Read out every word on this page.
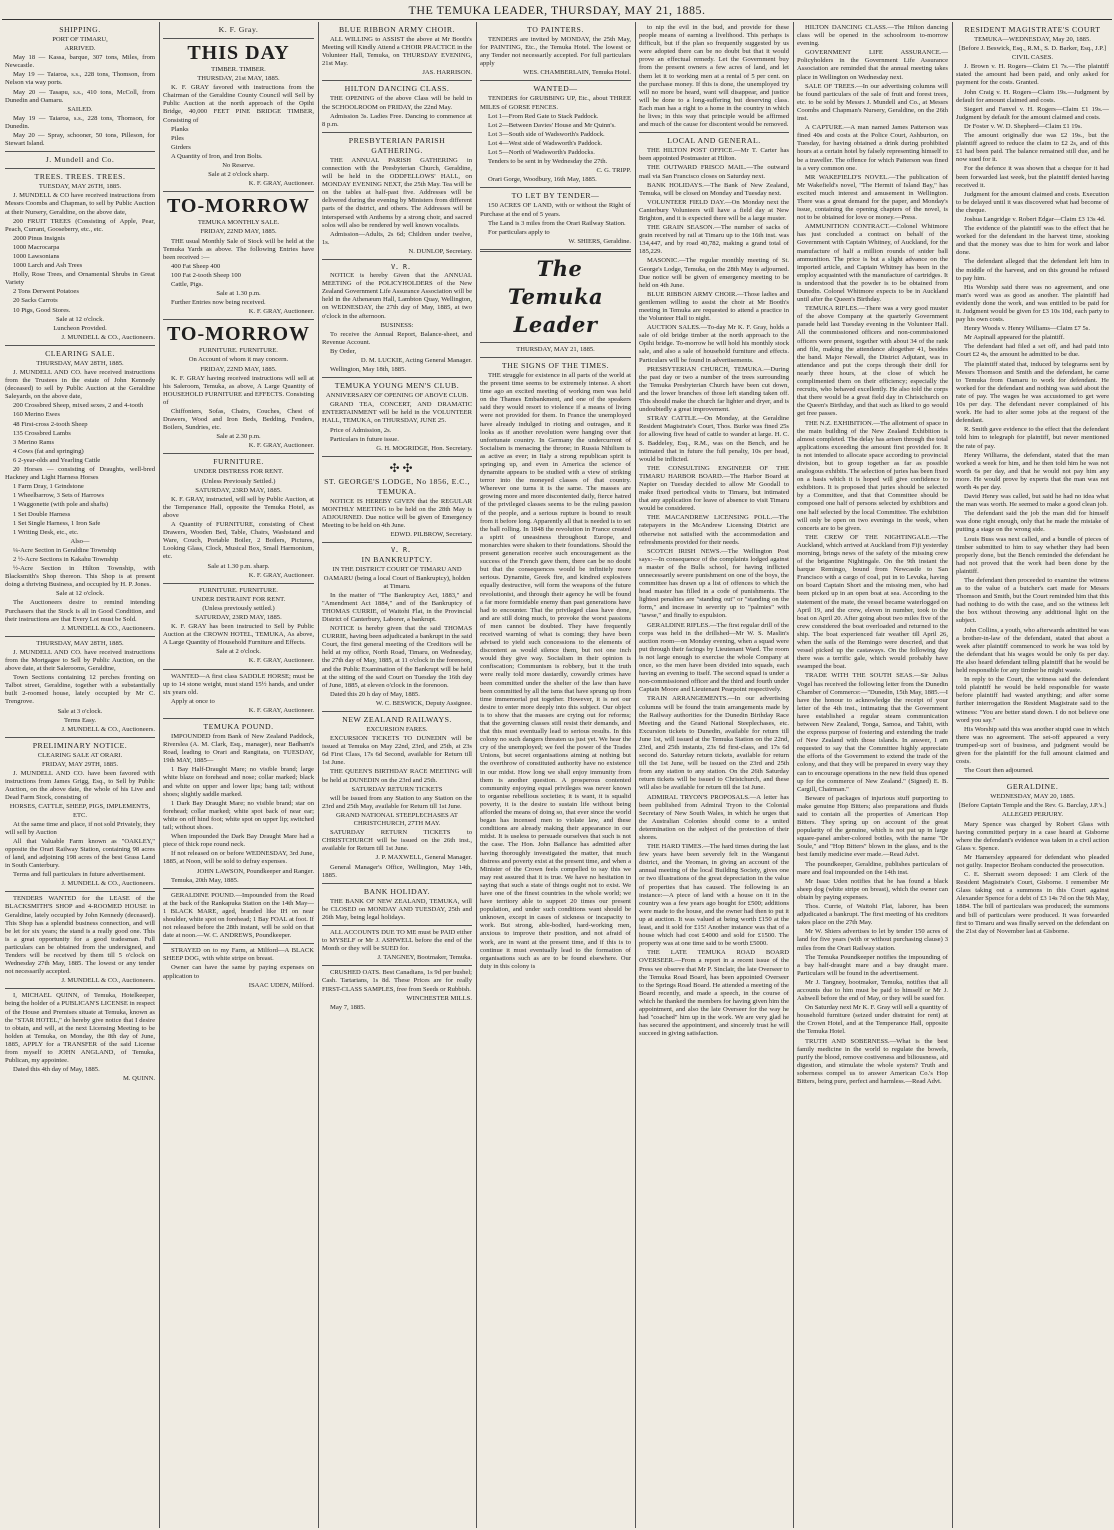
THE TEMUKA LEADER, THURSDAY, MAY 21, 1885.

SHIPPING.

PORT OF TIMARU,

ARRIVED.

May 18 — Kassa, barque, 307 tons, Miles, from Newcastle.

May 19 — Taiaroa, s.s., 228 tons, Thomson, from Nelson via way ports.

May 20 — Tasapu, s.s., 410 tons, McColl, from Dunedin and Oamaru.

SAILED.

May 19 — Taiaroa, s.s., 228 tons, Thomson, for Dunedin.

May 20 — Spray, schooner, 50 tons, Pilleson, for Stewart Island.

J. Mundell and Co.

TREES. TREES. TREES.

TUESDAY, MAY 26TH, 1885.

J. MUNDELL & CO have received instructions from Messrs Coombs and Chapman, to sell by Public Auction at their Nursery, Geraldine, on the above date,

200 FRUIT TREES (Consisting of Apple, Pear, Peach, Currant, Gooseberry, etc., etc.

2000 Pinus Insignis

1000 Macrocarpa

1000 Lawsonians

1000 Larch and Ash Trees

Holly, Rose Trees, and Ornamental Shrubs in Great Variety

2 Tons Derwent Potatoes

20 Sacks Carrots

10 Pigs, Good Stores.

Sale at 12 o'clock.

Luncheon Provided.

J. MUNDELL & CO., Auctioneers.

CLEARING SALE.

THURSDAY, MAY 28TH, 1885.

J. MUNDELL AND CO. have received instructions from the Trustees in the estate of John Kennedy (deceased) to sell by Public Auction at the Geraldine Saleyards, on the above date,

200 Crossbred Sheep, mixed sexes, 2 and 4-tooth

160 Merino Ewes

48 First-cross 2-tooth Sheep

135 Crossbred Lambs

3 Merino Rams

4 Cows (fat and springing)

6 2-year-olds and Yearling Cattle

20 Horses — consisting of Draughts, well-bred Hackney and Light Harness Horses

1 Farm Dray, 1 Grindstone

1 Wheelbarrow, 3 Sets of Harrows

1 Waggonette (with pole and shafts)

1 Set Double Harness

1 Set Single Harness, 1 Iron Safe

1 Writing Desk, etc., etc.

Also—

¼-Acre Section in Geraldine Township

2 ½-Acre Sections in Kakahu Township

½-Acre Section in Hilton Township, with Blacksmith's Shop thereon. This Shop is at present doing a thriving Business, and occupied by H. P. Jones.

Sale at 12 o'clock.

The Auctioneers desire to remind intending Purchasers that the Stock is all in Good Condition, and their instructions are that Every Lot must be Sold.

J. MUNDELL & CO., Auctioneers.

THURSDAY, MAY 28TH, 1885.

J. MUNDELL AND CO. have received instructions from the Mortgagee to Sell by Public Auction, on the above date, at their Salerooms, Geraldine,

Town Sections containing 12 perches fronting on Talbot street, Geraldine, together with a substantially built 2-roomed house, lately occupied by Mr C. Trengrove.

Sale at 3 o'clock.

Terms Easy.

J. MUNDELL & CO., Auctioneers.

PRELIMINARY NOTICE.

CLEARING SALE AT ORARI.

FRIDAY, MAY 29TH, 1885.

J. MUNDELL AND CO. have been favored with instructions from James Grigg, Esq., to Sell by Public Auction, on the above date, the whole of his Live and Dead Farm Stock, consisting of

HORSES, CATTLE, SHEEP, PIGS, IMPLEMENTS, ETC.

At the same time and place, if not sold Privately, they will sell by Auction

All that Valuable Farm known as "OAKLEY," opposite the Orari Railway Station, containing 98 acres of land, and adjoining 198 acres of the best Grass Land in South Canterbury.

Terms and full particulars in future advertisement.

J. MUNDELL & CO., Auctioneers.

TENDERS WANTED for the LEASE of the BLACKSMITH'S SHOP and 4-ROOMED HOUSE in Geraldine, lately occupied by John Kennedy (deceased). This Shop has a splendid business connection, and will be let for six years; the stand is a really good one. This is a great opportunity for a good tradesman. Full particulars can be obtained from the undersigned, and Tenders will be received by them till 5 o'clock on Wednesday 27th May, 1885. The lowest or any tender not necessarily accepted.

J. MUNDELL & CO., Auctioneers.

I, MICHAEL QUINN, of Temuka, Hotelkeeper, being the holder of a PUBLICAN'S LICENSE in respect of the House and Premises situate at Temuka, known as the "STAR HOTEL," do hereby give notice that I desire to obtain, and will, at the next Licensing Meeting to be holden at Temuka, on Monday, the 8th day of June, 1885, APPLY for a TRANSFER of the said License from myself to JOHN ANGLAND, of Temuka, Publican, my appointee.

Dated this 4th day of May, 1885.

M. QUINN.

K. F. Gray.

THIS DAY

TIMBER. TIMBER.

THURSDAY, 21st MAY, 1885.

K. F. GRAY favored with instructions from the Chairman of the Geraldine County Council will Sell by Public Auction at the north approach of the Opihi Bridge, 40,000 FEET PINE BRIDGE TIMBER, Consisting of

Planks

Piles

Girders

A Quantity of Iron, and Iron Bolts.

No Reserve.

Sale at 2 o'clock sharp.

K. F. GRAY, Auctioneer.

TO-MORROW

TEMUKA MONTHLY SALE.

FRIDAY, 22ND MAY, 1885.

THE usual Monthly Sale of Stock will be held at the Temuka Yards as above. The following Entries have been received :—

400 Fat Sheep 400

100 Fat 2-tooth Sheep 100

Cattle, Pigs.

Sale at 1.30 p.m.

Further Entries now being received.

K. F. GRAY, Auctioneer.

TO-MORROW

FURNITURE. FURNITURE.

On Account of whom it may concern.

FRIDAY, 22ND MAY, 1885.

K. F. GRAY having received instructions will sell at his Saleroom, Temuka, as above, A Large Quantity of HOUSEHOLD FURNITURE and EFFECTS. Consisting of

Chiffoniers, Sofas, Chairs, Couches, Chest of Drawers, Wood and Iron Beds, Bedding, Fenders, Boilers, Sundries, etc.

Sale at 2.30 p.m.

K. F. GRAY, Auctioneer.

FURNITURE.

UNDER DISTRESS FOR RENT.

(Unless Previously Settled.)

SATURDAY, 23RD MAY, 1885.

K. F. GRAY, instructed, will sell by Public Auction, at the Temperance Hall, opposite the Temuka Hotel, as above

A Quantity of FURNITURE, consisting of Chest Drawers, Wooden Bed, Table, Chairs, Washstand and Ware, Couch, Portable Boiler, 2 Boilers, Pictures, Looking Glass, Clock, Musical Box, Small Harmonium, etc.

Sale at 1.30 p.m. sharp.

K. F. GRAY, Auctioneer.

FURNITURE. FURNITURE.

UNDER DISTRAINT FOR RENT.

(Unless previously settled.)

SATURDAY, 23RD MAY, 1885.

K. F. GRAY has been instructed to Sell by Public Auction at the CROWN HOTEL, TEMUKA, As above, A Large Quantity of Household Furniture and Effects.

Sale at 2 o'clock.

K. F. GRAY, Auctioneer.

WANTED—A first class SADDLE HORSE; must be up to 14 stone weight, must stand 15½ hands, and under six years old.

Apply at once to

K. F. GRAY, Auctioneer.

TEMUKA POUND.

IMPOUNDED from Bank of New Zealand Paddock, Riverslea (A. M. Clark, Esq., manager), near Badham's Road, leading to Orari and Rangitata, on TUESDAY, 19th MAY, 1885—

1 Bay Half-Draught Mare; no visible brand; large white blaze on forehead and nose; collar marked; black and white on upper and lower lips; bang tail; without shoes; slightly saddle marked.

1 Dark Bay Draught Mare; no visible brand; star on forehead; collar marked; white spot back of near ear; white on off hind foot; white spot on upper lip; switched tail; without shoes.

When impounded the Dark Bay Draught Mare had a piece of thick rope round neck.

If not released on or before WEDNESDAY, 3rd June, 1885, at Noon, will be sold to defray expenses.

JOHN LAWSON, Poundkeeper and Ranger.

Temuka, 20th May, 1885.

GERALDINE POUND.—Impounded from the Road at the back of the Rankapuka Station on the 14th May—1 BLACK MARE, aged, branded like IH on near shoulder, white spot on forehead; 1 Bay FOAL at foot. If not released before the 28th instant, will be sold on that date at noon.—W. C. ANDREWS, Poundkeeper.

STRAYED on to my Farm, at Milford—A BLACK SHEEP DOG, with white stripe on breast.

Owner can have the same by paying expenses on application to

ISAAC UDEN, Milford.

BLUE RIBBON ARMY CHOIR.

ALL WILLING to ASSIST the above at Mr Booth's Meeting will Kindly Attend a CHOIR PRACTICE in the Volunteer Hall, Temuka, on THURSDAY EVENING, 21st May.

JAS. HARRISON.

HILTON DANCING CLASS.

THE OPENING of the above Class will be held in the SCHOOLROOM on FRIDAY, the 22nd May.

Admission 3s. Ladies Free. Dancing to commence at 8 p.m.

PRESBYTERIAN PARISH GATHERING.

THE ANNUAL PARISH GATHERING in connection with the Presbyterian Church, Geraldine, will be held in the ODDFELLOWS' HALL, on MONDAY EVENING NEXT, the 25th May. Tea will be on the tables at half-past five. Addresses will be delivered during the evening by Ministers from different parts of the district, and others. The Addresses will be interspersed with Anthems by a strong choir, and sacred solos will also be rendered by well known vocalists.

Admission—Adults, 2s 6d; Children under twelve, 1s.

N. DUNLOP, Secretary.

V. R.

NOTICE is hereby Given that the ANNUAL MEETING of the POLICYHOLDERS of the New Zealand Government Life Assurance Association will be held in the Athenæum Hall, Lambton Quay, Wellington, on WEDNESDAY, the 27th day of May, 1885, at two o'clock in the afternoon.

BUSINESS:

To receive the Annual Report, Balance-sheet, and Revenue Account.

By Order,

D. M. LUCKIE, Acting General Manager.

Wellington, May 18th, 1885.

TEMUKA YOUNG MEN'S CLUB.

ANNIVERSARY OF OPENING OF ABOVE CLUB.

GRAND TEA, CONCERT, AND DRAMATIC ENTERTAINMENT will be held in the VOLUNTEER HALL, TEMUKA, on THURSDAY, JUNE 25.

Price of Admission, 2s.

Particulars in future issue.

G. H. MOGRIDGE, Hon. Secretary.

✣ ✣

ST. GEORGE'S LODGE, No 1856, E.C., TEMUKA.

NOTICE IS HEREBY GIVEN that the REGULAR MONTHLY MEETING to be held on the 28th May is ADJOURNED. Due notice will be given of Emergency Meeting to be held on 4th June.

EDWD. PILBROW, Secretary.

V. R.

IN BANKRUPTCY.

IN THE DISTRICT COURT OF TIMARU AND OAMARU (being a local Court of Bankruptcy), holden at Timaru.

In the matter of "The Bankruptcy Act, 1883," and "Amendment Act 1884," and of the Bankruptcy of THOMAS CURRIE, of Waitohi Flat, in the Provincial District of Canterbury, Laborer, a bankrupt.

NOTICE is hereby given that the said THOMAS CURRIE, having been adjudicated a bankrupt in the said Court, the first general meeting of the Creditors will be held at my office, North Road, Timaru, on Wednesday, the 27th day of May, 1885, at 11 o'clock in the forenoon, and the Public Examination of the Bankrupt will be held at the sitting of the said Court on Tuesday the 16th day of June, 1885, at eleven o'clock in the forenoon.

Dated this 20 h day of May, 1885.

W. C. BESWICK, Deputy Assignee.

NEW ZEALAND RAILWAYS.

EXCURSION FARES.

EXCURSION TICKETS TO DUNEDIN will be issued at Temuka on May 22nd, 23rd, and 25th, at 23s 6d First Class, 17s 6d Second, available for Return till 1st June.

THE QUEEN'S BIRTHDAY RACE MEETING will be held at DUNEDIN on the 23rd and 25th.

SATURDAY RETURN TICKETS

will be issued from any Station to any Station on the 23rd and 25th May, available for Return till 1st June.

GRAND NATIONAL STEEPLECHASES AT CHRISTCHURCH, 27TH MAY.

SATURDAY RETURN TICKETS to CHRISTCHURCH will be issued on the 26th inst., available for Return till 1st June.

J. P. MAXWELL, General Manager.

General Manager's Office, Wellington, May 14th, 1885.

BANK HOLIDAY.

THE BANK OF NEW ZEALAND, TEMUKA, will be CLOSED on MONDAY AND TUESDAY, 25th and 26th May, being legal holidays.

ALL ACCOUNTS DUE TO ME must be PAID either to MYSELF or Mr J. ASHWELL before the end of the Month or they will be SUED for.

J. TANGNEY, Bootmaker, Temuka.

CRUSHED OATS. Best Canadians, 1s 9d per bushel; Cash. Tartarians, 1s 8d. These Prices are for really FIRST-CLASS SAMPLES, free from Seeds or Rubbish.

WINCHESTER MILLS.

May 7, 1885.

TO PAINTERS.

TENDERS are invited by MONDAY, the 25th May, for PAINTING, Etc., the Temuka Hotel. The lowest or any Tender not necessarily accepted. For full particulars apply

WES. CHAMBERLAIN, Temuka Hotel.

WANTED—

TENDERS for GRUBBING UP, Etc., about THREE MILES of GORSE FENCES.

Lot 1—From Red Gate to Stack Paddock.

Lot 2—Between Davies' House and Mr Quinn's.

Lot 3—South side of Wadsworth's Paddock.

Lot 4—West side of Wadsworth's Paddock.

Lot 5—North of Wadsworth's Paddocks.

Tenders to be sent in by Wednesday the 27th.

C. G. TRIPP.

Orari Gorge, Woodbury, 16th May, 1885.

TO LET BY TENDER—

150 ACRES OF LAND, with or without the Right of Purchase at the end of 5 years.

The Land is 3 miles from the Orari Railway Station.

For particulars apply to

W. SHIERS, Geraldine.

The Temuka Leader

THURSDAY, MAY 21, 1885.

THE SIGNS OF THE TIMES.

THE struggle for existence in all parts of the world at the present time seems to be extremely intense. A short time ago an excited meeting of working men was held on the Thames Embankment, and one of the speakers said they would resort to violence if a means of living were not provided for them. In France the unemployed have already indulged in rioting and outrages, and it looks as if another revolution were hanging over that unfortunate country. In Germany the undercurrent of Socialism is menacing the throne; in Russia Nihilism is as active as ever; in Italy a strong republican spirit is springing up, and even in America the science of dynamite appears to be studied with a view of striking terror into the moneyed classes of that country. Wherever one turns it is the same. The masses are growing more and more discontented daily, fierce hatred of the privileged classes seems to be the ruling passion of the people, and a serious rupture is bound to result from it before long. Apparently all that is needed is to set the ball rolling. In 1848 the revolution in France created a spirit of uneasiness throughout Europe, and monarchies were shaken to their foundations. Should the present generation receive such encouragement as the success of the French gave them, there can be no doubt but that the consequences would be infinitely more serious. Dynamite, Greek fire, and kindred explosives equally destructive, will form the weapons of the future revolutionist, and through their agency he will be found a far more formidable enemy than past generations have had to encounter. That the privileged class have done, and are still doing much, to provoke the worst passions of men cannot be doubted. They have frequently received warning of what is coming; they have been advised to yield such concessions to the elements of discontent as would silence them, but not one inch would they give way. Socialism in their opinion is confiscation; Communism is robbery, but it the truth were really told more dastardly, cowardly crimes have been committed under the shelter of the law than have been committed by all the isms that have sprung up from time immemorial put together. However, it is not our desire to enter more deeply into this subject. Our object is to show that the masses are crying out for reforms; that the governing classes still resist their demands, and that this must eventually lead to serious results. In this colony no such dangers threaten us just yet. We hear the cry of the unemployed; we feel the power of the Trades Unions, but secret organisations aiming at nothing but the overthrow of constituted authority have no existence in our midst. How long we shall enjoy immunity from them is another question. A prosperous contented community enjoying equal privileges was never known to organise rebellious societies; it is want, it is squalid poverty, it is the desire to sustain life without being afforded the means of doing so, that ever since the world began has incensed men to violate law, and these conditions are already making their appearance in our midst. It is useless to persuade ourselves that such is not the case. The Hon. John Ballance has admitted after having thoroughly investigated the matter, that much distress and poverty exist at the present time, and when a Minister of the Crown feels compelled to say this we may rest assured that it is true. We have no hesitation in saying that such a state of things ought not to exist. We have one of the finest countries in the whole world; we have territory able to support 20 times our present population, and under such conditions want should be unknown, except in cases of sickness or incapacity to work. But strong, able-bodied, hard-working men, anxious to improve their position, and not afraid of work, are in want at the present time, and if this is to continue it must eventually lead to the formation of organisations such as are to be found elsewhere. Our duty in this colony is

to nip the evil in the bud, and provide for these people means of earning a livelihood. This perhaps is difficult, but if the plan so frequently suggested by us were adopted there can be no doubt but that it would prove an effectual remedy. Let the Government buy from the present owners a few acres of land, and let them let it to working men at a rental of 5 per cent. on the purchase money. If this is done, the unemployed try will no more be heard, want will disappear, and justice will be done to a long-suffering but deserving class. Each man has a right to a home in the country in which he lives; in this way that principle would be affirmed and much of the cause for discontent would be removed.

LOCAL AND GENERAL.

THE HILTON POST OFFICE.—Mr T. Carter has been appointed Postmaster at Hilton.

THE OUTWARD FRISCO MAIL.—The outward mail via San Francisco closes on Saturday next.

BANK HOLIDAYS.—The Bank of New Zealand, Temuka, will be closed on Monday and Tuesday next.

VOLUNTEER FIELD DAY.—On Monday next the Canterbury Volunteers will have a field day at New Brighton, and it is expected there will be a large muster.

THE GRAIN SEASON.—The number of sacks of grain received by rail at Timaru up to the 16th inst. was 134,447, and by road 40,782, making a grand total of 185,229.

MASONIC.—The regular monthly meeting of St. George's Lodge, Temuka, on the 28th May is adjourned. Due notice will be given of emergency meeting to be held on 4th June.

BLUE RIBBON ARMY CHOIR.—Those ladies and gentlemen willing to assist the choir at Mr Booth's meeting in Temuka are requested to attend a practice in the Volunteer Hall to night.

AUCTION SALES.—To-day Mr K. F. Gray, holds a sale of old bridge timber at the north approach to the Opihi bridge. To-morrow he will hold his monthly stock sale, and also a sale of household furniture and effects. Particulars will be found in advertisements.

PRESBYTERIAN CHURCH, TEMUKA.—During the past day or two a number of the trees surrounding the Temuka Presbyterian Church have been cut down, and the lower branches of those left standing taken off. This should make the church far lighter and dryer, and is undoubtedly a great improvement.

STRAY CATTLE.—On Monday, at the Geraldine Resident Magistrate's Court, Thos. Burke was fined 25s for allowing five head of cattle to wander at large. H. C. S. Baddeley, Esq., R.M., was on the Bench, and he intimated that in future the full penalty, 10s per head, would be inflicted.

THE CONSULTING ENGINEER OF THE TIMARU HARBOR BOARD.—The Harbor Board at Napier on Tuesday decided to allow Mr Goodall to make fixed periodical visits to Timaru, but intimated that any application for leave of absence to visit Timaru would be considered.

THE MACANDREW LICENSING POLL.—The ratepayers in the McAndrew Licensing District are otherwise not satisfied with the accommodation and refreshments provided for their needs.

SCOTCH IRISH NEWS.—The Wellington Post says:—In consequence of the complaints lodged against a master of the Bulls school, for having inflicted unnecessarily severe punishment on one of the boys, the committee has drawn up a list of offences to which the head master has filled in a code of punishments. The lightest penalties are "standing out" or "standing on the form," and increase in severity up to "palmies" with "tawse," and finally to expulsion.

GERALDINE RIFLES.—The first regular drill of the corps was held in the drillshed—Mr W. S. Maslin's auction room—on Monday evening, when a squad were put through their facings by Lieutenant Ward. The room is not large enough to exercise the whole Company at once, so the men have been divided into squads, each having an evening to itself. The second squad is under a non-commissioned officer and the third and fourth under Captain Moore and Lieutenant Pearpoint respectively.

TRAIN ARRANGEMENTS.—In our advertising columns will be found the train arrangements made by the Railway authorities for the Dunedin Birthday Race Meeting and the Grand National Steeplechases, etc. Excursion tickets to Dunedin, available for return till June 1st, will issued at the Temuka Station on the 22nd, 23rd, and 25th instants, 23s 6d first-class, and 17s 6d second do. Saturday return tickets, available for return till the 1st June, will be issued on the 23rd and 25th from any station to any station. On the 26th Saturday return tickets will be issued to Christchurch, and these will also be available for return till the 1st June.

ADMIRAL TRYON'S PROPOSALS.—A letter has been published from Admiral Tryon to the Colonial Secretary of New South Wales, in which he urges that the Australian Colonies should come to a united determination on the subject of the protection of their shores.

THE HARD TIMES.—The hard times during the last few years have been severely felt in the Wanganui district, and the Yeoman, in giving an account of the annual meeting of the local Building Society, gives one or two illustrations of the great depreciation in the value of properties that has caused. The following is an instance:—A piece of land with a house on it in the country was a few years ago bought for £500; additions were made to the house, and the owner had then to put it up at auction. It was valued at being worth £150 at the least, and it sold for £15! Another instance was that of a house which had cost £4000 and sold for £1500. The property was at one time said to be worth £5000.

THE LATE TEMUKA ROAD BOARD OVERSEER.—From a report in a recent issue of the Press we observe that Mr P. Sinclair, the late Overseer to the Temuka Road Board, has been appointed Overseer to the Springs Road Board. He attended a meeting of the Board recently, and made a speech, in the course of which he thanked the members for having given him the appointment, and also the late Overseer for the way he had "coached" him up in the work. We are very glad he has secured the appointment, and sincerely trust he will succeed in giving satisfaction.

HILTON DANCING CLASS.—The Hilton dancing class will be opened in the schoolroom to-morrow evening.

GOVERNMENT LIFE ASSURANCE.—Policyholders in the Government Life Assurance Association are reminded that the annual meeting takes place in Wellington on Wednesday next.

SALE OF TREES.—In our advertising columns will be found particulars of the sale of fruit and forest trees, etc. to be sold by Messrs J. Mundell and Co., at Messrs Coombs and Chapman's Nursery, Geraldine, on the 26th inst.

A CAPTURE.—A man named James Patterson was fined 40s and costs at the Police Court, Ashburton, on Tuesday, for having obtained a drink during prohibited hours at a certain hotel by falsely representing himself to be a traveller. The offence for which Patterson was fined is a very common one.

MR WAKEFIELD'S NOVEL.—The publication of Mr Wakefield's novel, "The Hermit of Island Bay," has excited much interest and amusement in Wellington. There was a great demand for the paper, and Monday's issue, containing the opening chapters of the novel, is not to be obtained for love or money.—Press.

AMMUNITION CONTRACT.—Colonel Whitmore has just concluded a contract on behalf of the Government with Captain Whitney, of Auckland, for the manufacture of half a million rounds of snider ball ammunition. The price is but a slight advance on the imported article, and Captain Whitney has been in the employ acquainted with the manufacture of cartridges. It is understood that the powder is to be obtained from Dunedin. Colonel Whitmore expects to be in Auckland until after the Queen's Birthday.

TEMUKA RIFLES.—There was a very good muster of the above Company at the quarterly Government parade held last Tuesday evening in the Volunteer Hall. All the commissioned officers and non-commissioned officers were present, together with about 34 of the rank and file, making the attendance altogether 41, besides the band. Major Newall, the District Adjutant, was in attendance and put the corps through their drill for nearly three hours, at the close of which he complimented them on their efficiency; especially the recruits, who behaved excellently. He also told the corps that there would be a great field day in Christchurch on the Queen's Birthday, and that such as liked to go would get free passes.

THE N.Z. EXHIBITION.—The allotment of space in the main building of the New Zealand Exhibition is almost completed. The delay has arisen through the total applications exceeding the amount first provided for. It is not intended to allocate space according to provincial division, but to group together as far as possible analogous exhibits. The selection of juries has been fixed on a basis which it is hoped will give confidence to exhibitors. It is proposed that juries should be selected by a Committee, and that that Committee should be composed one half of persons selected by exhibitors and one half selected by the local Committee. The exhibition will only be open on two evenings in the week, when concerts are to be given.

THE CREW OF THE NIGHTINGALE.—The Auckland, which arrived at Auckland from Fiji yesterday morning, brings news of the safety of the missing crew of the brigantine Nightingale. On the 9th instant the barque Remingo, bound from Newcastle to San Francisco with a cargo of coal, put in to Levuka, having on board Captain Short and the missing men, who had been picked up in an open boat at sea. According to the statement of the mate, the vessel became waterlogged on April 19, and the crew, eleven in number, took to the boat on April 20. After going about two miles five of the crew considered the boat overloaded and returned to the ship. The boat experienced fair weather till April 26, when the sails of the Remingo were descried, and that vessel picked up the castaways. On the following day there was a terrific gale, which would probably have swamped the boat.

TRADE WITH THE SOUTH SEAS.—Sir Julius Vogel has received the following letter from the Dunedin Chamber of Commerce:—"Dunedin, 15th May, 1885.—I have the honour to acknowledge the receipt of your letter of the 4th inst., intimating that the Government have established a regular steam communication between New Zealand, Tonga, Samoa, and Tahiti, with the express purpose of fostering and extending the trade of New Zealand with those islands. In answer, I am requested to say that the Committee highly appreciate the efforts of the Government to extend the trade of the colony, and that they will be prepared in every way they can to encourage operations in the new field thus opened up for the commerce of New Zealand." (Signed) E. B. Cargill, Chairman."

Beware of packages of injurious stuff purporting to make genuine Hop Bitters; also preparations and fluids said to contain all the properties of American Hop Bitters. They spring up on account of the great popularity of the genuine, which is not put up in large square-panel amber-colored bottles, with the name "Dr Soule," and "Hop Bitters" blown in the glass, and is the best family medicine ever made.—Read Advt.

The poundkeeper, Geraldine, publishes particulars of mare and foal impounded on the 14th inst.

Mr Isaac Uden notifies that he has found a black sheep dog (white stripe on breast), which the owner can obtain by paying expenses.

Thos. Currie, of Waitohi Flat, laborer, has been adjudicated a bankrupt. The first meeting of his creditors takes place on the 27th May.

Mr W. Shiers advertises to let by tender 150 acres of land for five years (with or without purchasing clause) 3 miles from the Orari Railway station.

The Temuka Poundkeeper notifies the impounding of a bay half-draught mare and a bay draught mare. Particulars will be found in the advertisement.

Mr J. Tangney, bootmaker, Temuka, notifies that all accounts due to him must be paid to himself or Mr J. Ashwell before the end of May, or they will be sued for.

On Saturday next Mr K. F. Gray will sell a quantity of household furniture (seized under distraint for rent) at the Crown Hotel, and at the Temperance Hall, opposite the Temuka Hotel.

TRUTH AND SOBERNESS.—What is the best family medicine in the world to regulate the bowels, purify the blood, remove costiveness and biliousness, aid digestion, and stimulate the whole system? Truth and soberness compel us to answer American Co.'s Hop Bitters, being pure, perfect and harmless.—Read Advt.

RESIDENT MAGISTRATE'S COURT

TEMUKA—WEDNESDAY, May 20, 1885.

[Before J. Beswick, Esq., R.M., S. D. Barker, Esq., J.P.]

CIVIL CASES.

J. Brown v. H. Rogers—Claim £1 7s.—The plaintiff stated the amount had been paid, and only asked for payment for the costs. Granted.

John Craig v. H. Rogers—Claim 19s.—Judgment by default for amount claimed and costs.

Siegert and Fanvel v. H. Rogers—Claim £1 19s.—Judgment by default for the amount claimed and costs.

Dr Foster v. W. D. Shepherd—Claim £1 19s.

The amount originally due was £2 19s., but the plaintiff agreed to reduce the claim to £2 2s, and of this £1 had been paid. The balance remained still due, and he now sued for it.

For the defence it was shown that a cheque for it had been forwarded last week, but the plaintiff denied having received it.

Judgment for the amount claimed and costs. Execution to be delayed until it was discovered what had become of the cheque.

Joshua Langridge v. Robert Edgar—Claim £3 13s 4d.

The evidence of the plaintiff was to the effect that he worked for the defendant in the harvest time, stooking and that the money was due to him for work and labor done.

The defendant alleged that the defendant left him in the middle of the harvest, and on this ground he refused to pay him.

His Worship said there was no agreement, and one man's word was as good as another. The plaintiff had evidently done the work, and was entitled to be paid for it. Judgment would be given for £3 10s 10d, each party to pay his own costs.

Henry Woods v. Henry Williams—Claim £7 5s.

Mr Aspinall appeared for the plaintiff.

The defendant had filed a set off, and had paid into Court £2 4s, the amount he admitted to be due.

The plaintiff stated that, induced by telegrams sent by Messrs Thomson and Smith and the defendant, he came to Temuka from Oamaru to work for defendant. He worked for the defendant and nothing was said about the rate of pay. The wages he was accustomed to get were 10s per day. The defendant never complained of his work. He had to alter some jobs at the request of the defendant.

R. Smith gave evidence to the effect that the defendant told him to telegraph for plaintiff, but never mentioned the rate of pay.

Henry Williams, the defendant, stated that the man worked a week for him, and he then told him he was not worth 6s per day, and that he would not pay him any more. He would prove by experts that the man was not worth 4s per day.

David Henry was called, but said he had no idea what the man was worth. He seemed to make a good clean job.

The defendant said the job the man did for himself was done right enough, only that he made the mistake of putting a stage on the wrong side.

Louis Buss was next called, and a bundle of pieces of timber submitted to him to say whether they had been properly done, but the Bench reminded the defendant he had not proved that the work had been done by the plaintiff.

The defendant then proceeded to examine the witness as to the value of a butcher's cart made for Messrs Thomson and Smith, but the Court reminded him that this had nothing to do with the case, and so the witness left the box without throwing any additional light on the subject.

John Collins, a youth, who afterwards admitted he was a brother-in-law of the defendant, stated that about a week after plaintiff commenced to work he was told by the defendant that his wages would be only 6s per day. He also heard defendant telling plaintiff that he would be held responsible for any timber he might waste.

In reply to the Court, the witness said the defendant told plaintiff he would be held responsible for waste before plaintiff had wasted anything; and after some further interrogation the Resident Magistrate said to the witness: "You are better stand down. I do not believe one word you say."

His Worship said this was another stupid case in which there was no agreement. The set-off appeared a very trumped-up sort of business, and judgment would be given for the plaintiff for the full amount claimed and costs.

The Court then adjourned.

GERALDINE.

WEDNESDAY, MAY 20, 1885.

[Before Captain Temple and the Rev. G. Barclay, J.P.'s.]

ALLEGED PERJURY.

Mary Spence was charged by Robert Glass with having committed perjury in a case heard at Gisborne where the defendant's evidence was taken in a civil action Glass v. Spence.

Mr Hamersley appeared for defendant who pleaded not guilty. Inspector Broham conducted the prosecution.

C. E. Sherratt sworn deposed: I am Clerk of the Resident Magistrate's Court, Gisborne. I remember Mr Glass taking out a summons in this Court against Alexander Spence for a debt of £3 14s 7d on the 9th May, 1884. The bill of particulars was produced; the summons and bill of particulars were produced. It was forwarded first to Timaru and was finally served on the defendant on the 21st day of November last at Gisborne.
